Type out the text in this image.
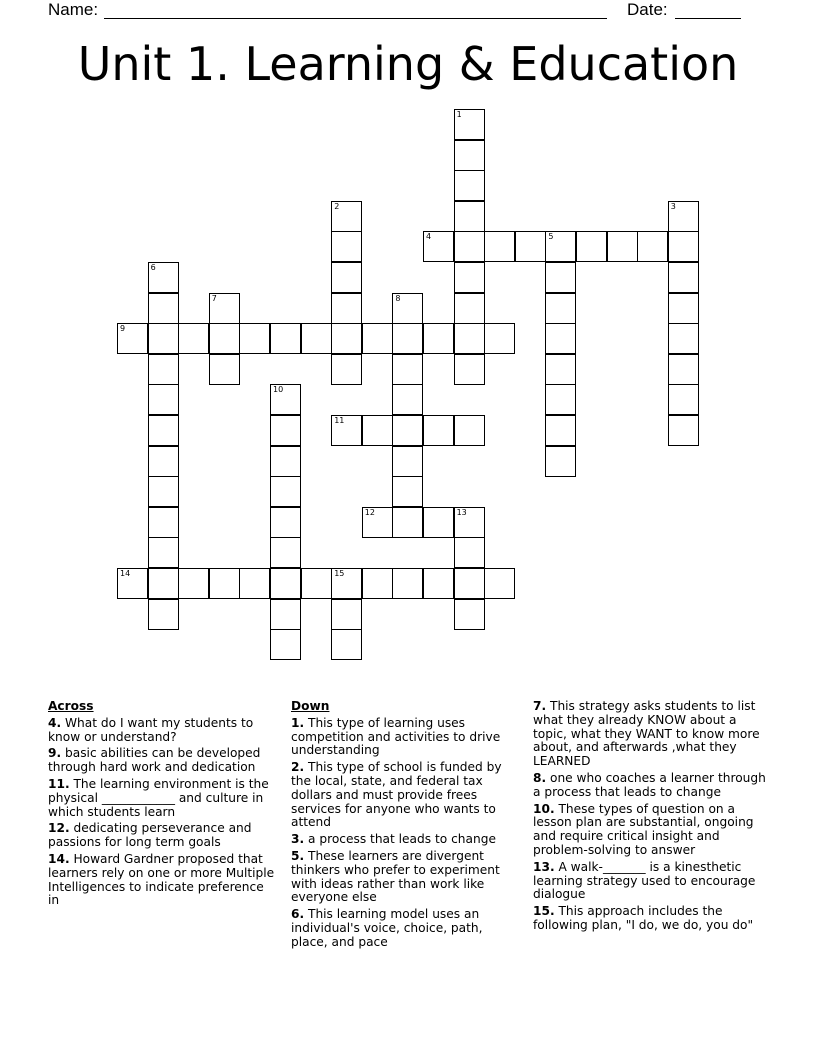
Name:	Date:
Unit 1. Learning & Education
1
2	3
4	5
6
7	8
9
10
11
12	13
14	15
Across
4. What do I want my students to know or understand?
9. basic abilities can be developed through hard work and dedication
11. The learning environment is the physical ____________ and culture in which students learn
12. dedicating perseverance and passions for long term goals
14. Howard Gardner proposed that learners rely on one or more Multiple Intelligences to indicate preference in
Down
1. This type of learning uses competition and activities to drive understanding
2. This type of school is funded by the local, state, and federal tax dollars and must provide frees services for anyone who wants to attend
3. a process that leads to change
5. These learners are divergent thinkers who prefer to experiment with ideas rather than work like everyone else
6. This learning model uses an individual's voice, choice, path, place, and pace
7. This strategy asks students to list what they already KNOW about a topic, what they WANT to know more about, and afterwards ,what they LEARNED
8. one who coaches a learner through a process that leads to change
10. These types of question on a lesson plan are substantial, ongoing and require critical insight and problem-solving to answer
13. A walk-_______ is a kinesthetic learning strategy used to encourage dialogue
15. This approach includes the following plan, "I do, we do, you do"
